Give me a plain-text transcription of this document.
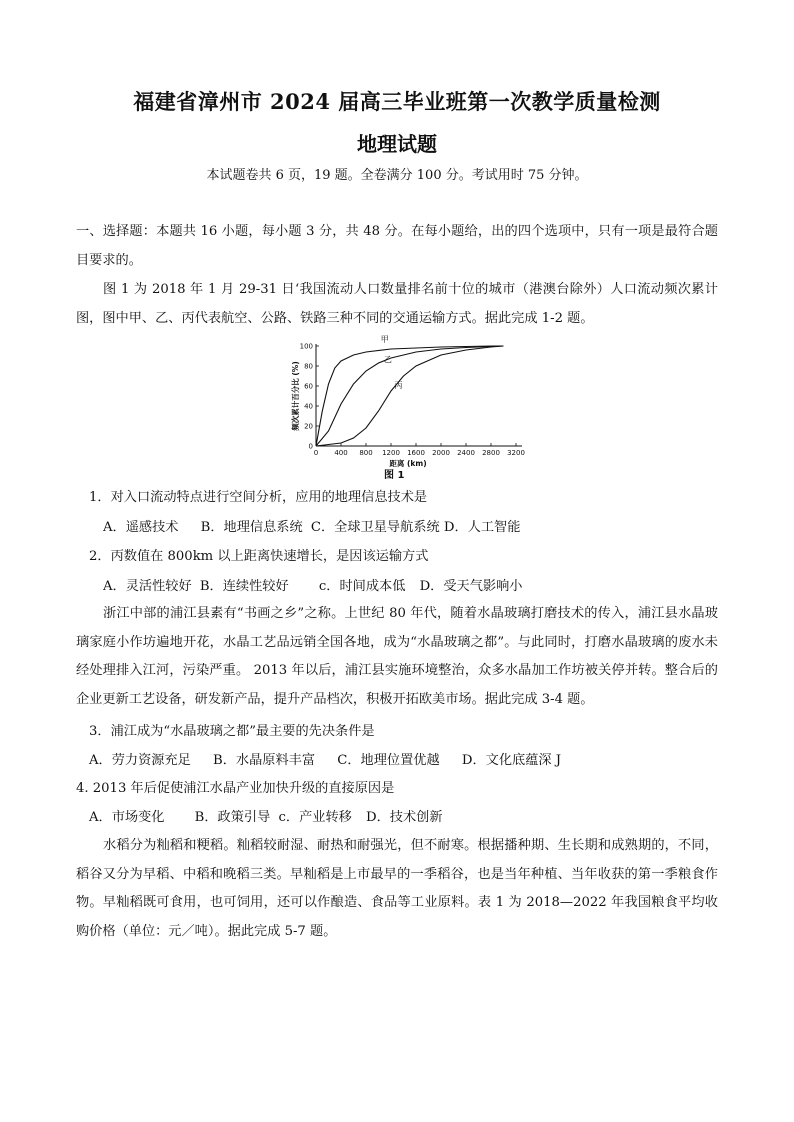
福建省漳州市 2024 届高三毕业班第一次教学质量检测
地理试题
本试题卷共 6 页，19 题。全卷满分 100 分。考试用时 75 分钟。
一、选择题：本题共 16 小题，每小题 3 分，共 48 分。在每小题给，出的四个选项中，只有一项是最符合题目要求的。
图 1 为 2018 年 1 月 29-31 日‘我国流动人口数量排名前十位的城市（港澳台除外）人口流动频次累计图，图中甲、乙、丙代表航空、公路、铁路三种不同的交通运输方式。据此完成 1-2 题。
0 400 800 1200 1600 2000 2400 2800 3200
0
20
40
60
80
100
距离 (km)
频次累计百分比 (%)
甲
乙
丙
图 1
1．对入口流动特点进行空间分析，应用的地理信息技术是
A．遥感技术 B．地理信息系统 C．全球卫星导航系统 D．人工智能
2．丙数值在 800km 以上距离快速增长，是因该运输方式
A．灵活性较好 B．连续性较好 c．时间成本低 D．受天气影响小
浙江中部的浦江县素有“书画之乡”之称。上世纪 80 年代，随着水晶玻璃打磨技术的传入，浦江县水晶玻璃家庭小作坊遍地开花，水晶工艺品远销全国各地，成为“水晶玻璃之都”。与此同时，打磨水晶玻璃的废水未经处理排入江河，污染严重。 2013 年以后，浦江县实施环境整治，众多水晶加工作坊被关停并转。整合后的企业更新工艺设备，研发新产品，提升产品档次，积极开拓欧美市场。据此完成 3-4 题。
3．浦江成为“水晶玻璃之都”最主要的先决条件是
A．劳力资源充足 B．水晶原料丰富 C．地理位置优越 D．文化底蕴深 J
4. 2013 年后促使浦江水晶产业加快升级的直接原因是
A．市场变化 B．政策引导 c．产业转移 D．技术创新
水稻分为籼稻和粳稻。籼稻较耐湿、耐热和耐强光，但不耐寒。根据播种期、生长期和成熟期的，不同，稻谷又分为早稻、中稻和晚稻三类。早籼稻是上市最早的一季稻谷，也是当年种植、当年收获的第一季粮食作物。早籼稻既可食用，也可饲用，还可以作酿造、食品等工业原料。表 1 为 2018—2022 年我国粮食平均收购价格（单位：元／吨）。据此完成 5-7 题。
